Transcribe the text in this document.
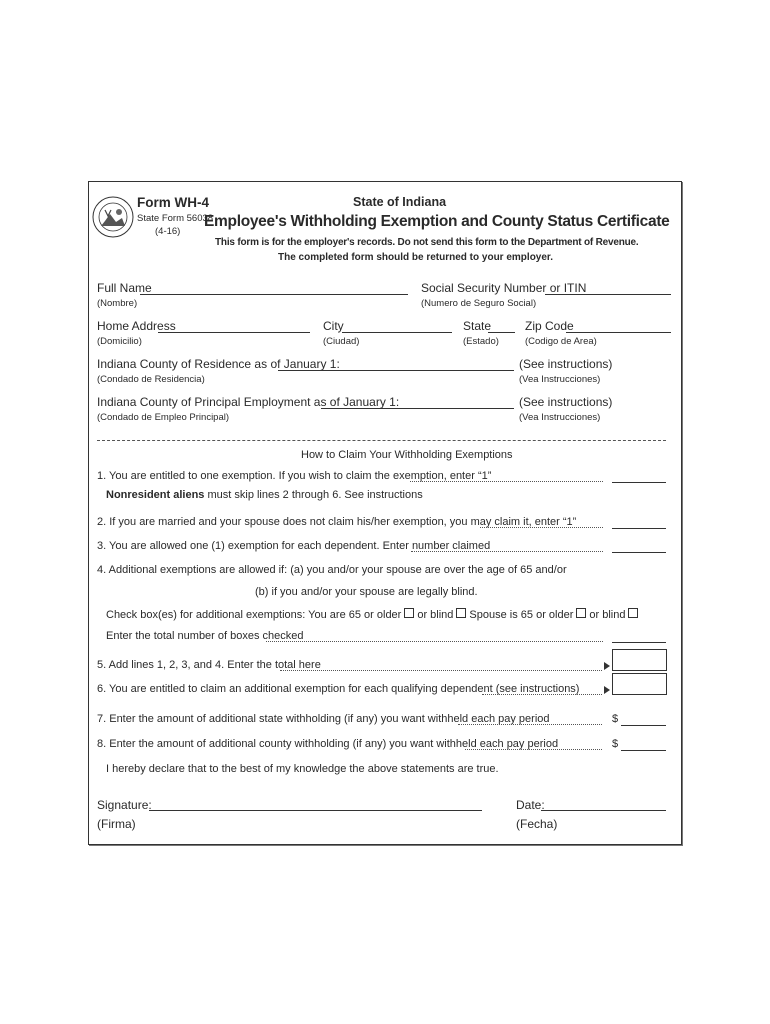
Form WH-4
State Form 56038
(4-16)
State of Indiana
Employee's Withholding Exemption and County Status Certificate
This form is for the employer's records. Do not send this form to the Department of Revenue.
The completed form should be returned to your employer.
Full Name
(Nombre)
Social Security Number or ITIN
(Numero de Seguro Social)
Home Address
(Domicilio)
City
(Ciudad)
State
(Estado)
Zip Code
(Codigo de Area)
Indiana County of Residence as of January 1:	(See instructions)
(Condado de Residencia)	(Vea Instrucciones)
Indiana County of Principal Employment as of January 1:	(See instructions)
(Condado de Empleo Principal)	(Vea Instrucciones)
How to Claim Your Withholding Exemptions
1. You are entitled to one exemption. If you wish to claim the exemption, enter “1”
Nonresident aliens must skip lines 2 through 6. See instructions
2. If you are married and your spouse does not claim his/her exemption, you may claim it, enter “1”
3. You are allowed one (1) exemption for each dependent. Enter number claimed
4. Additional exemptions are allowed if: (a) you and/or your spouse are over the age of 65 and/or
(b) if you and/or your spouse are legally blind.
Check box(es) for additional exemptions: You are 65 or older or blind Spouse is 65 or older or blind
Enter the total number of boxes checked
5. Add lines 1, 2, 3, and 4. Enter the total here
6. You are entitled to claim an additional exemption for each qualifying dependent (see instructions)
7. Enter the amount of additional state withholding (if any) you want withheld each pay period	$
8. Enter the amount of additional county withholding (if any) you want withheld each pay period	$
I hereby declare that to the best of my knowledge the above statements are true.
Signature:
(Firma)
Date:
(Fecha)
